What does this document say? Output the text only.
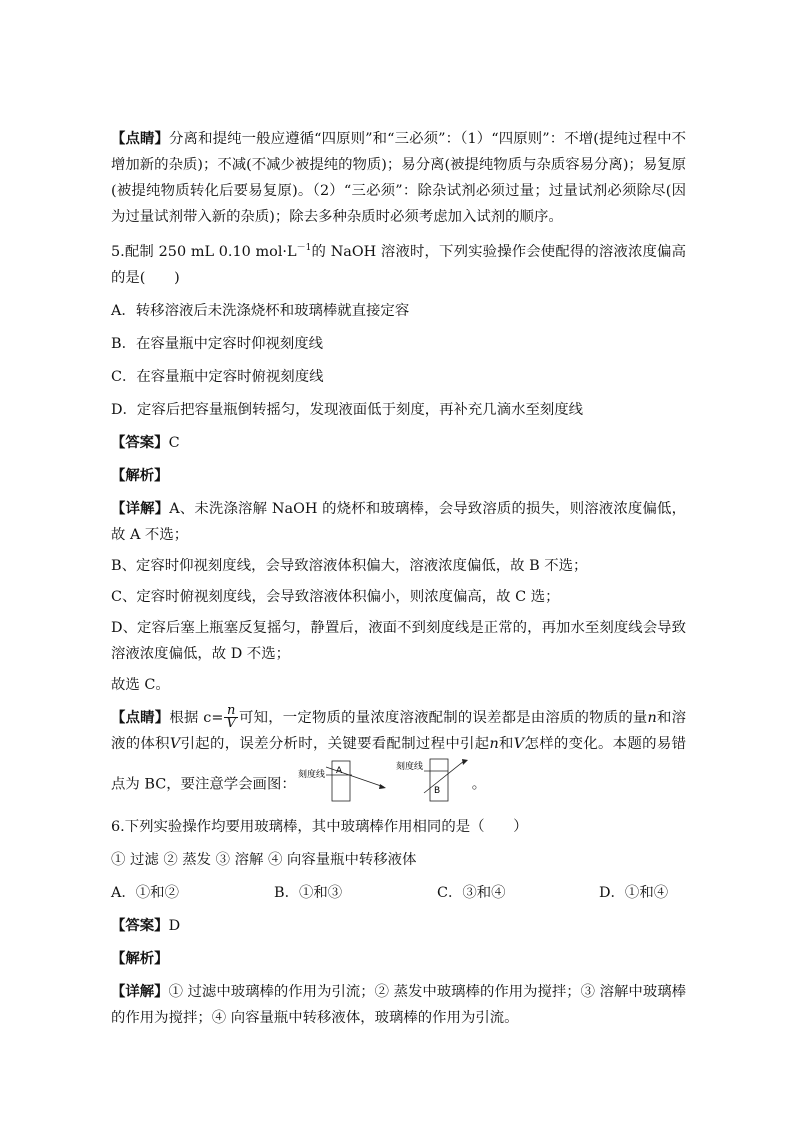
【点睛】分离和提纯一般应遵循“四原则”和“三必须”：（1）“四原则”：不增(提纯过程中不增加新的杂质)；不减(不减少被提纯的物质)；易分离(被提纯物质与杂质容易分离)；易复原(被提纯物质转化后要易复原)。（2）“三必须”：除杂试剂必须过量；过量试剂必须除尽(因为过量试剂带入新的杂质)；除去多种杂质时必须考虑加入试剂的顺序。

5.配制 250 mL 0.10 $mol\cdot L^{-1}$的 NaOH 溶液时，下列实验操作会使配得的溶液浓度偏高的是(　　)

A．转移溶液后未洗涤烧杯和玻璃棒就直接定容
B．在容量瓶中定容时仰视刻度线
C．在容量瓶中定容时俯视刻度线
D．定容后把容量瓶倒转摇匀，发现液面低于刻度，再补充几滴水至刻度线

【答案】C

【解析】

【详解】A、未洗涤溶解 NaOH 的烧杯和玻璃棒，会导致溶质的损失，则溶液浓度偏低，故 A 不选；

B、定容时仰视刻度线，会导致溶液体积偏大，溶液浓度偏低，故 B 不选；

C、定容时俯视刻度线，会导致溶液体积偏小，则浓度偏高，故 C 选；

D、定容后塞上瓶塞反复摇匀，静置后，液面不到刻度线是正常的，再加水至刻度线会导致溶液浓度偏低，故 D 不选；

故选 C。

【点睛】根据 $c= \frac{n}{V}$ 可知，一定物质的量浓度溶液配制的误差都是由溶质的物质的量n和溶液的体积V引起的，误差分析时，关键要看配制过程中引起n和V怎样的变化。本题的易错点为 BC，要注意学会画图：
刻度线 A	刻度线
B 。

6.下列实验操作均要用玻璃棒，其中玻璃棒作用相同的是（　　）

① 过滤 ② 蒸发 ③ 溶解 ④ 向容量瓶中转移液体

A．①和②	B．①和③	C．③和④	D．①和④

【答案】D

【解析】

【详解】① 过滤中玻璃棒的作用为引流；② 蒸发中玻璃棒的作用为搅拌；③ 溶解中玻璃棒的作用为搅拌；④ 向容量瓶中转移液体，玻璃棒的作用为引流。
